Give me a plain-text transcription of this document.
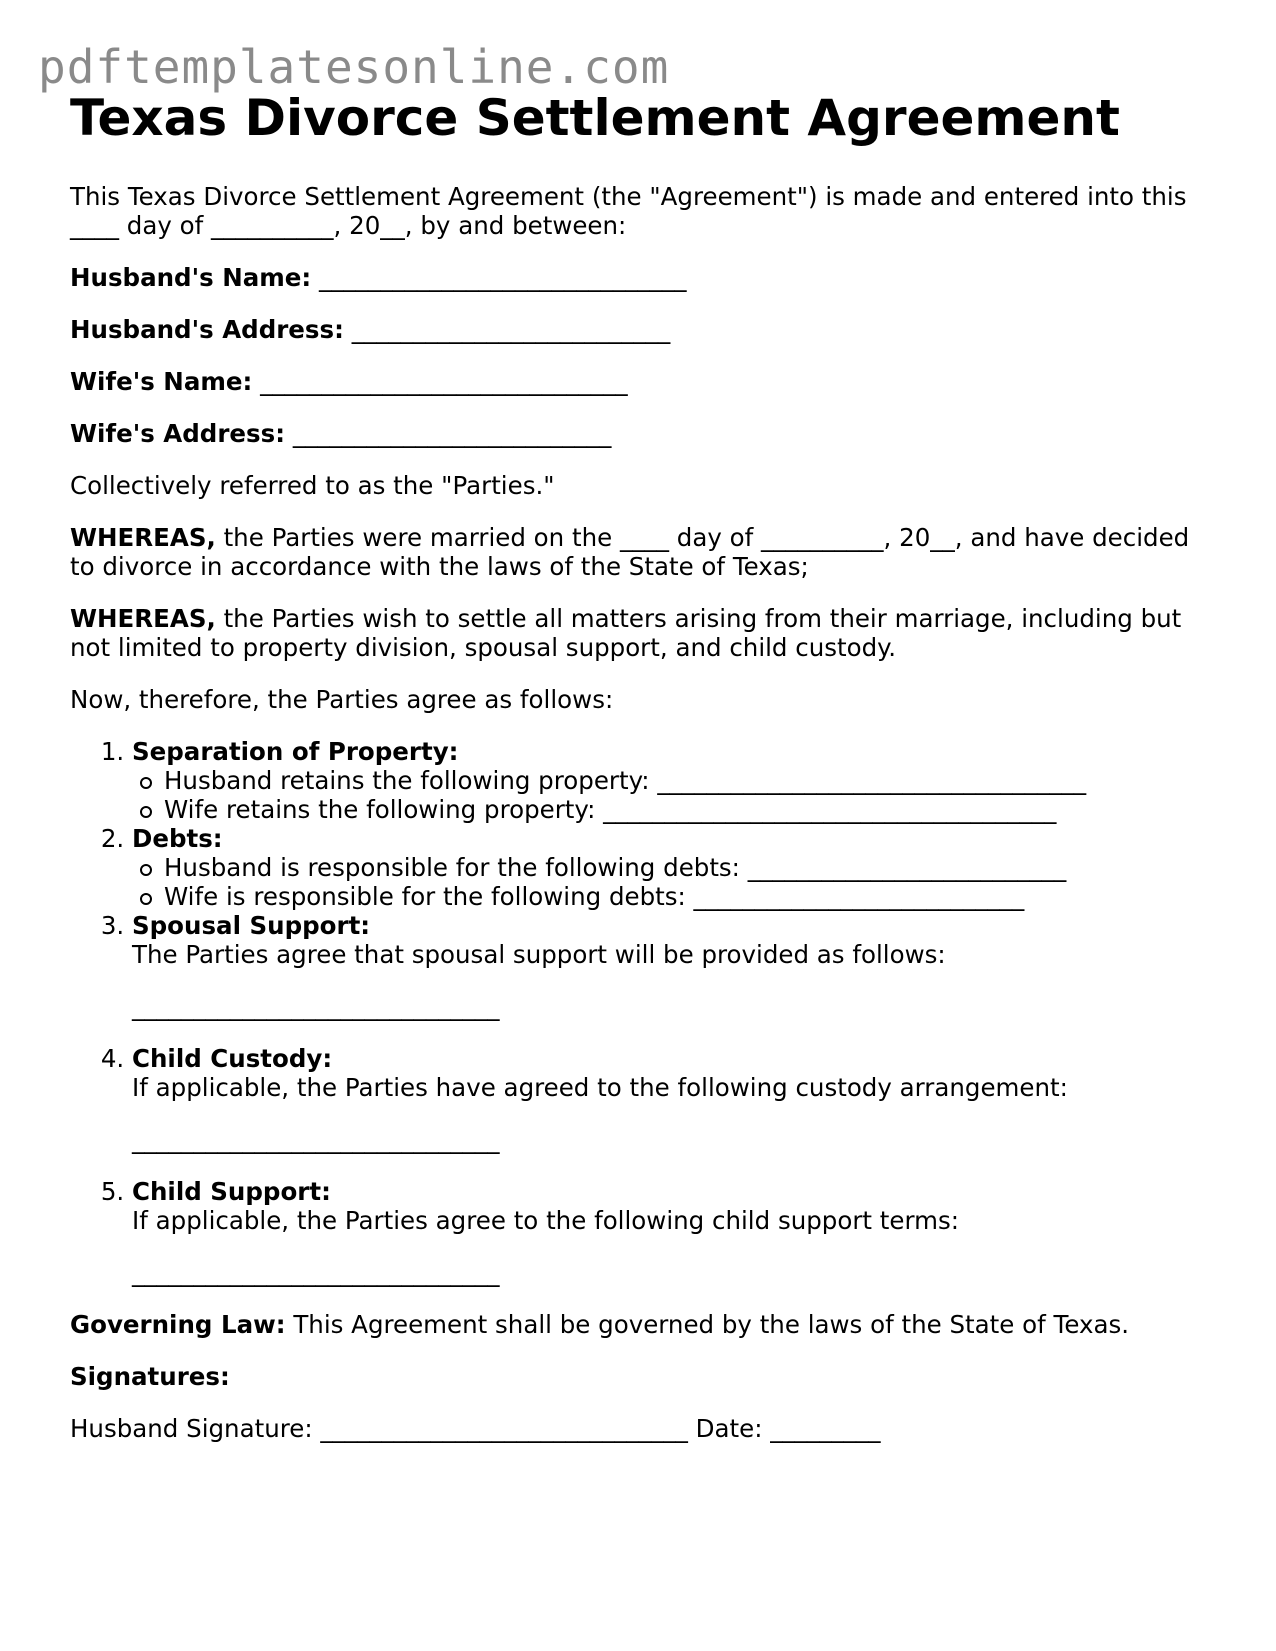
pdftemplatesonline.com
Texas Divorce Settlement Agreement

This Texas Divorce Settlement Agreement (the "Agreement") is made and entered into this ____ day of __________, 20__, by and between:

Husband's Name: ______________________________

Husband's Address: __________________________

Wife's Name: ______________________________

Wife's Address: __________________________

Collectively referred to as the "Parties."

WHEREAS, the Parties were married on the ____ day of __________, 20__, and have decided to divorce in accordance with the laws of the State of Texas;

WHEREAS, the Parties wish to settle all matters arising from their marriage, including but not limited to property division, spousal support, and child custody.

Now, therefore, the Parties agree as follows:

1. Separation of Property:
Husband retains the following property: ___________________________________
Wife retains the following property: _____________________________________
2. Debts:
Husband is responsible for the following debts: __________________________
Wife is responsible for the following debts: ___________________________
3. Spousal Support:

The Parties agree that spousal support will be provided as follows:

______________________________

4. Child Custody:

If applicable, the Parties have agreed to the following custody arrangement:

______________________________

5. Child Support:

If applicable, the Parties agree to the following child support terms:

______________________________

Governing Law: This Agreement shall be governed by the laws of the State of Texas.

Signatures:

Husband Signature: ______________________________ Date: _________
